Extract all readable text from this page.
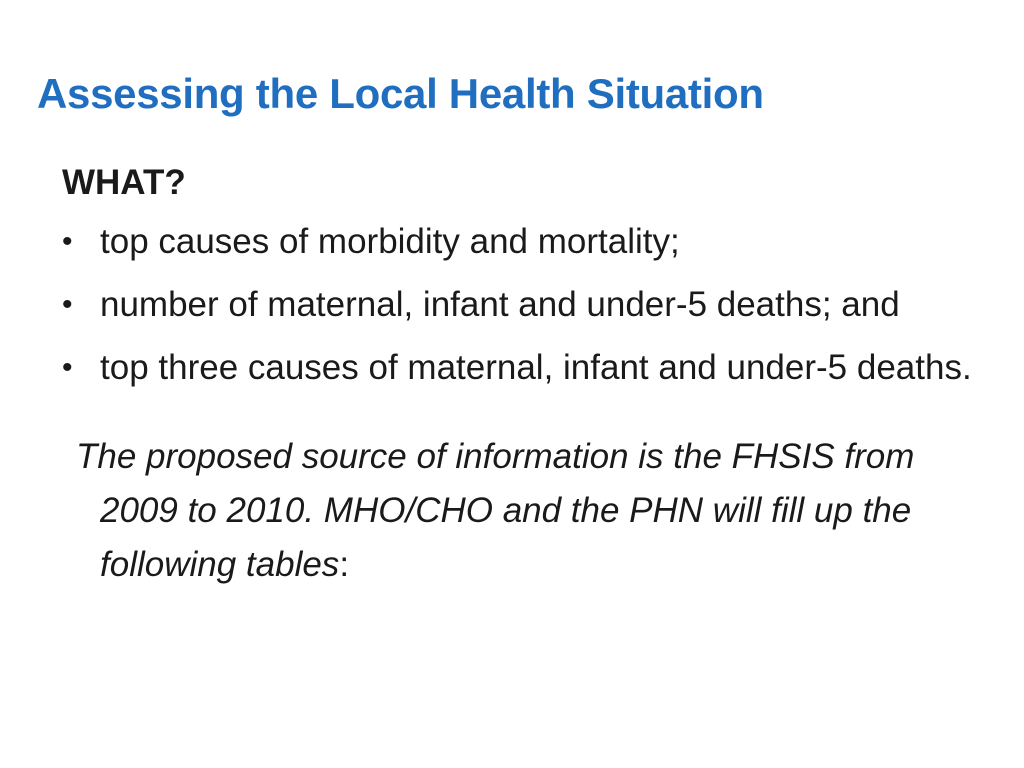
Assessing the Local Health Situation
WHAT?
• top causes of morbidity and mortality;
• number of maternal, infant and under-5 deaths; and
• top three causes of maternal, infant and under-5 deaths.

The proposed source of information is the FHSIS from 2009 to 2010. MHO/CHO and the PHN will fill up the following tables:
